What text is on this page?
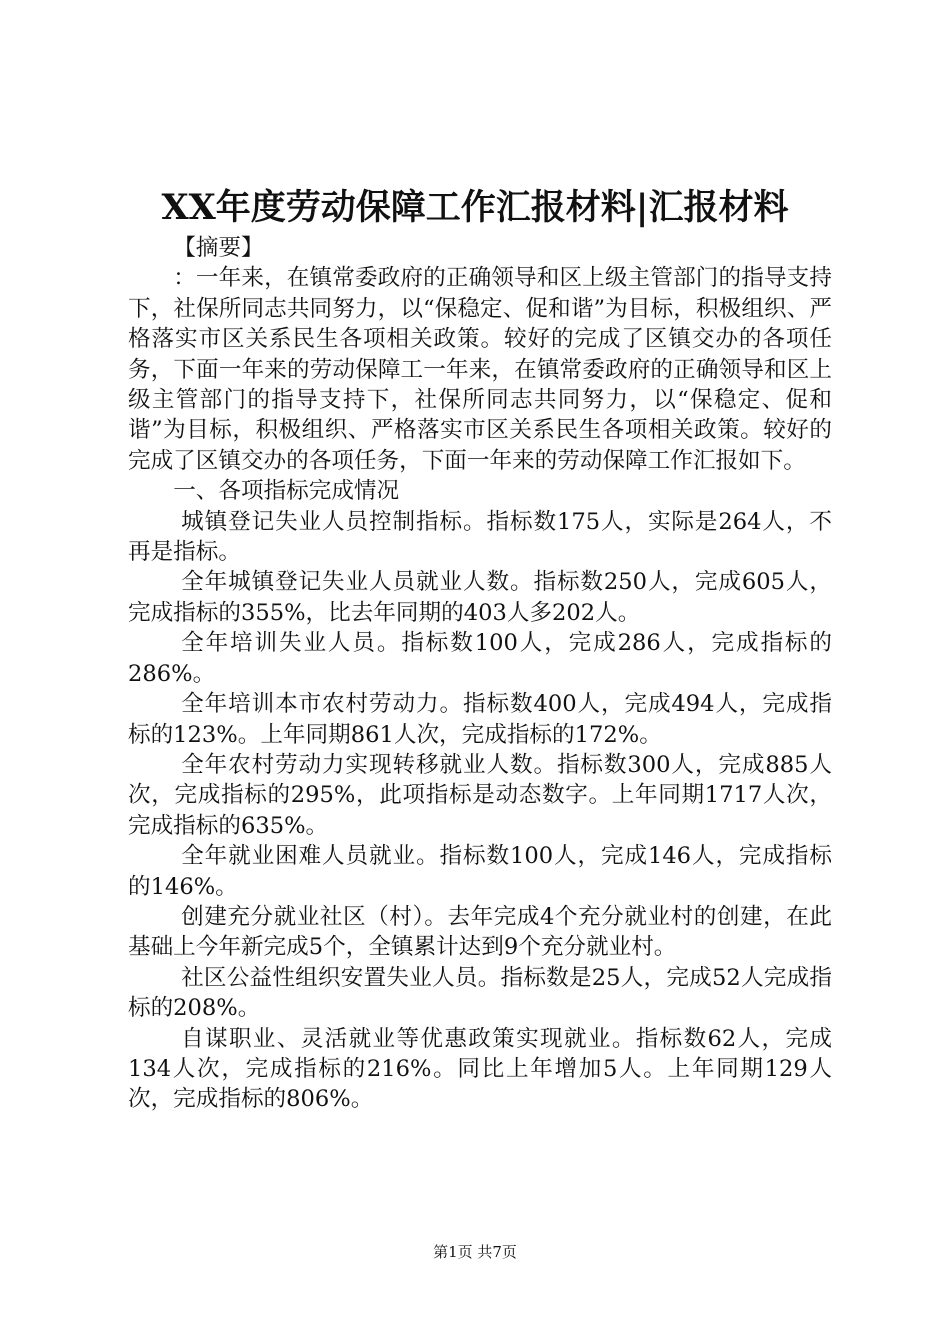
XX年度劳动保障工作汇报材料|汇报材料

【摘要】

：一年来，在镇常委政府的正确领导和区上级主管部门的指导支持下，社保所同志共同努力，以“保稳定、促和谐”为目标，积极组织、严格落实市区关系民生各项相关政策。较好的完成了区镇交办的各项任务，下面一年来的劳动保障工一年来，在镇常委政府的正确领导和区上级主管部门的指导支持下，社保所同志共同努力，以“保稳定、促和谐”为目标，积极组织、严格落实市区关系民生各项相关政策。较好的完成了区镇交办的各项任务，下面一年来的劳动保障工作汇报如下。

一、各项指标完成情况

城镇登记失业人员控制指标。指标数175人，实际是264人，不再是指标。

全年城镇登记失业人员就业人数。指标数250人，完成605人，完成指标的355%，比去年同期的403人多202人。

全年培训失业人员。指标数100人，完成286人，完成指标的286%。

全年培训本市农村劳动力。指标数400人，完成494人，完成指标的123%。上年同期861人次，完成指标的172%。

全年农村劳动力实现转移就业人数。指标数300人，完成885人次，完成指标的295%，此项指标是动态数字。上年同期1717人次，完成指标的635%。

全年就业困难人员就业。指标数100人，完成146人，完成指标的146%。

创建充分就业社区（村）。去年完成4个充分就业村的创建，在此基础上今年新完成5个，全镇累计达到9个充分就业村。

社区公益性组织安置失业人员。指标数是25人，完成52人完成指标的208%。

自谋职业、灵活就业等优惠政策实现就业。指标数62人，完成134人次，完成指标的216%。同比上年增加5人。上年同期129人次，完成指标的806%。

第1页 共7页
